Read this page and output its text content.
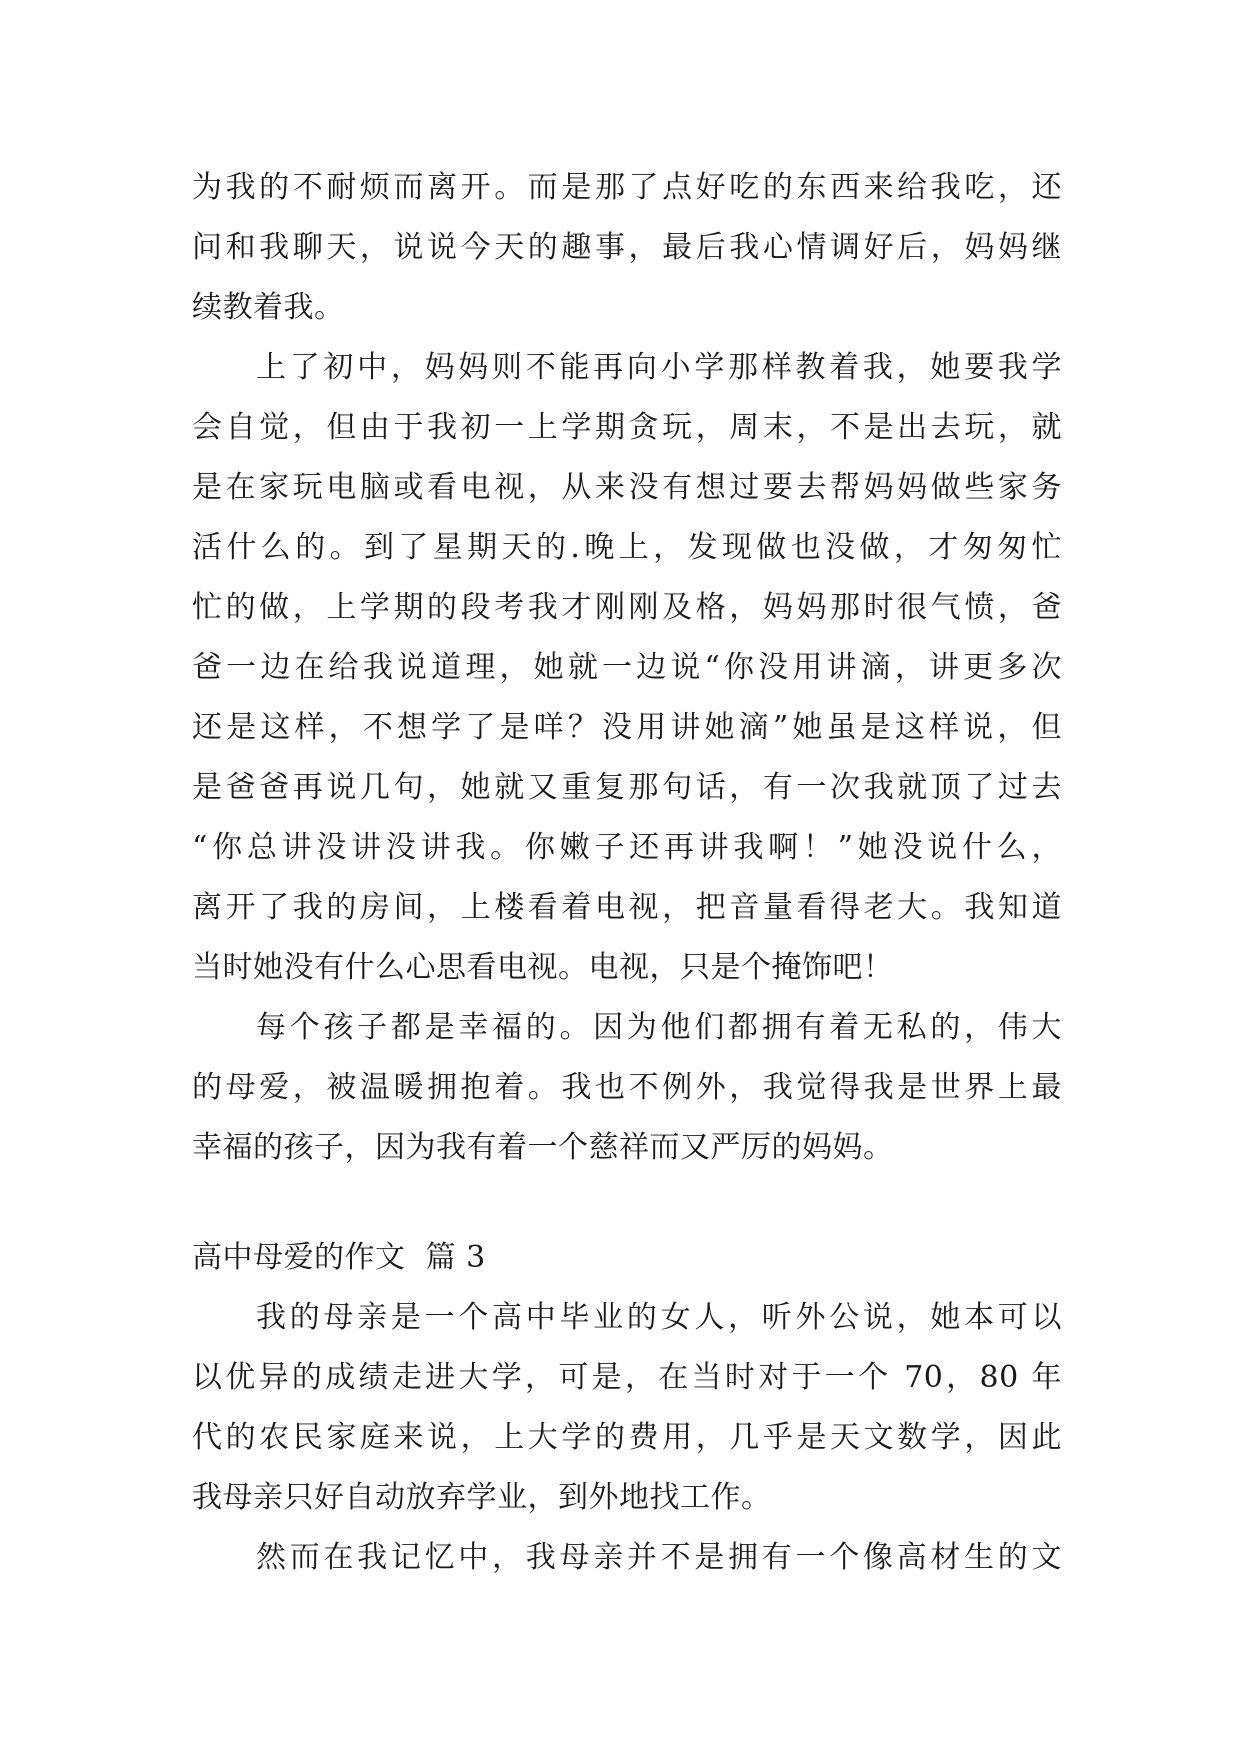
为我的不耐烦而离开。而是那了点好吃的东西来给我吃，还
问和我聊天，说说今天的趣事，最后我心情调好后，妈妈继
续教着我。
上了初中，妈妈则不能再向小学那样教着我，她要我学
会自觉，但由于我初一上学期贪玩，周末，不是出去玩，就
是在家玩电脑或看电视，从来没有想过要去帮妈妈做些家务
活什么的。到了星期天的.晚上，发现做也没做，才匆匆忙
忙的做，上学期的段考我才刚刚及格，妈妈那时很气愤，爸
爸一边在给我说道理，她就一边说“你没用讲滴，讲更多次
还是这样，不想学了是咩？没用讲她滴”她虽是这样说，但
是爸爸再说几句，她就又重复那句话，有一次我就顶了过去
“你总讲没讲没讲我。你嫩子还再讲我啊！”她没说什么，
离开了我的房间，上楼看着电视，把音量看得老大。我知道
当时她没有什么心思看电视。电视，只是个掩饰吧！
每个孩子都是幸福的。因为他们都拥有着无私的，伟大
的母爱，被温暖拥抱着。我也不例外，我觉得我是世界上最
幸福的孩子，因为我有着一个慈祥而又严厉的妈妈。
高中母爱的作文  篇 3
我的母亲是一个高中毕业的女人，听外公说，她本可以
以优异的成绩走进大学，可是，在当时对于一个 70，80 年
代的农民家庭来说，上大学的费用，几乎是天文数学，因此
我母亲只好自动放弃学业，到外地找工作。
然而在我记忆中，我母亲并不是拥有一个像高材生的文
